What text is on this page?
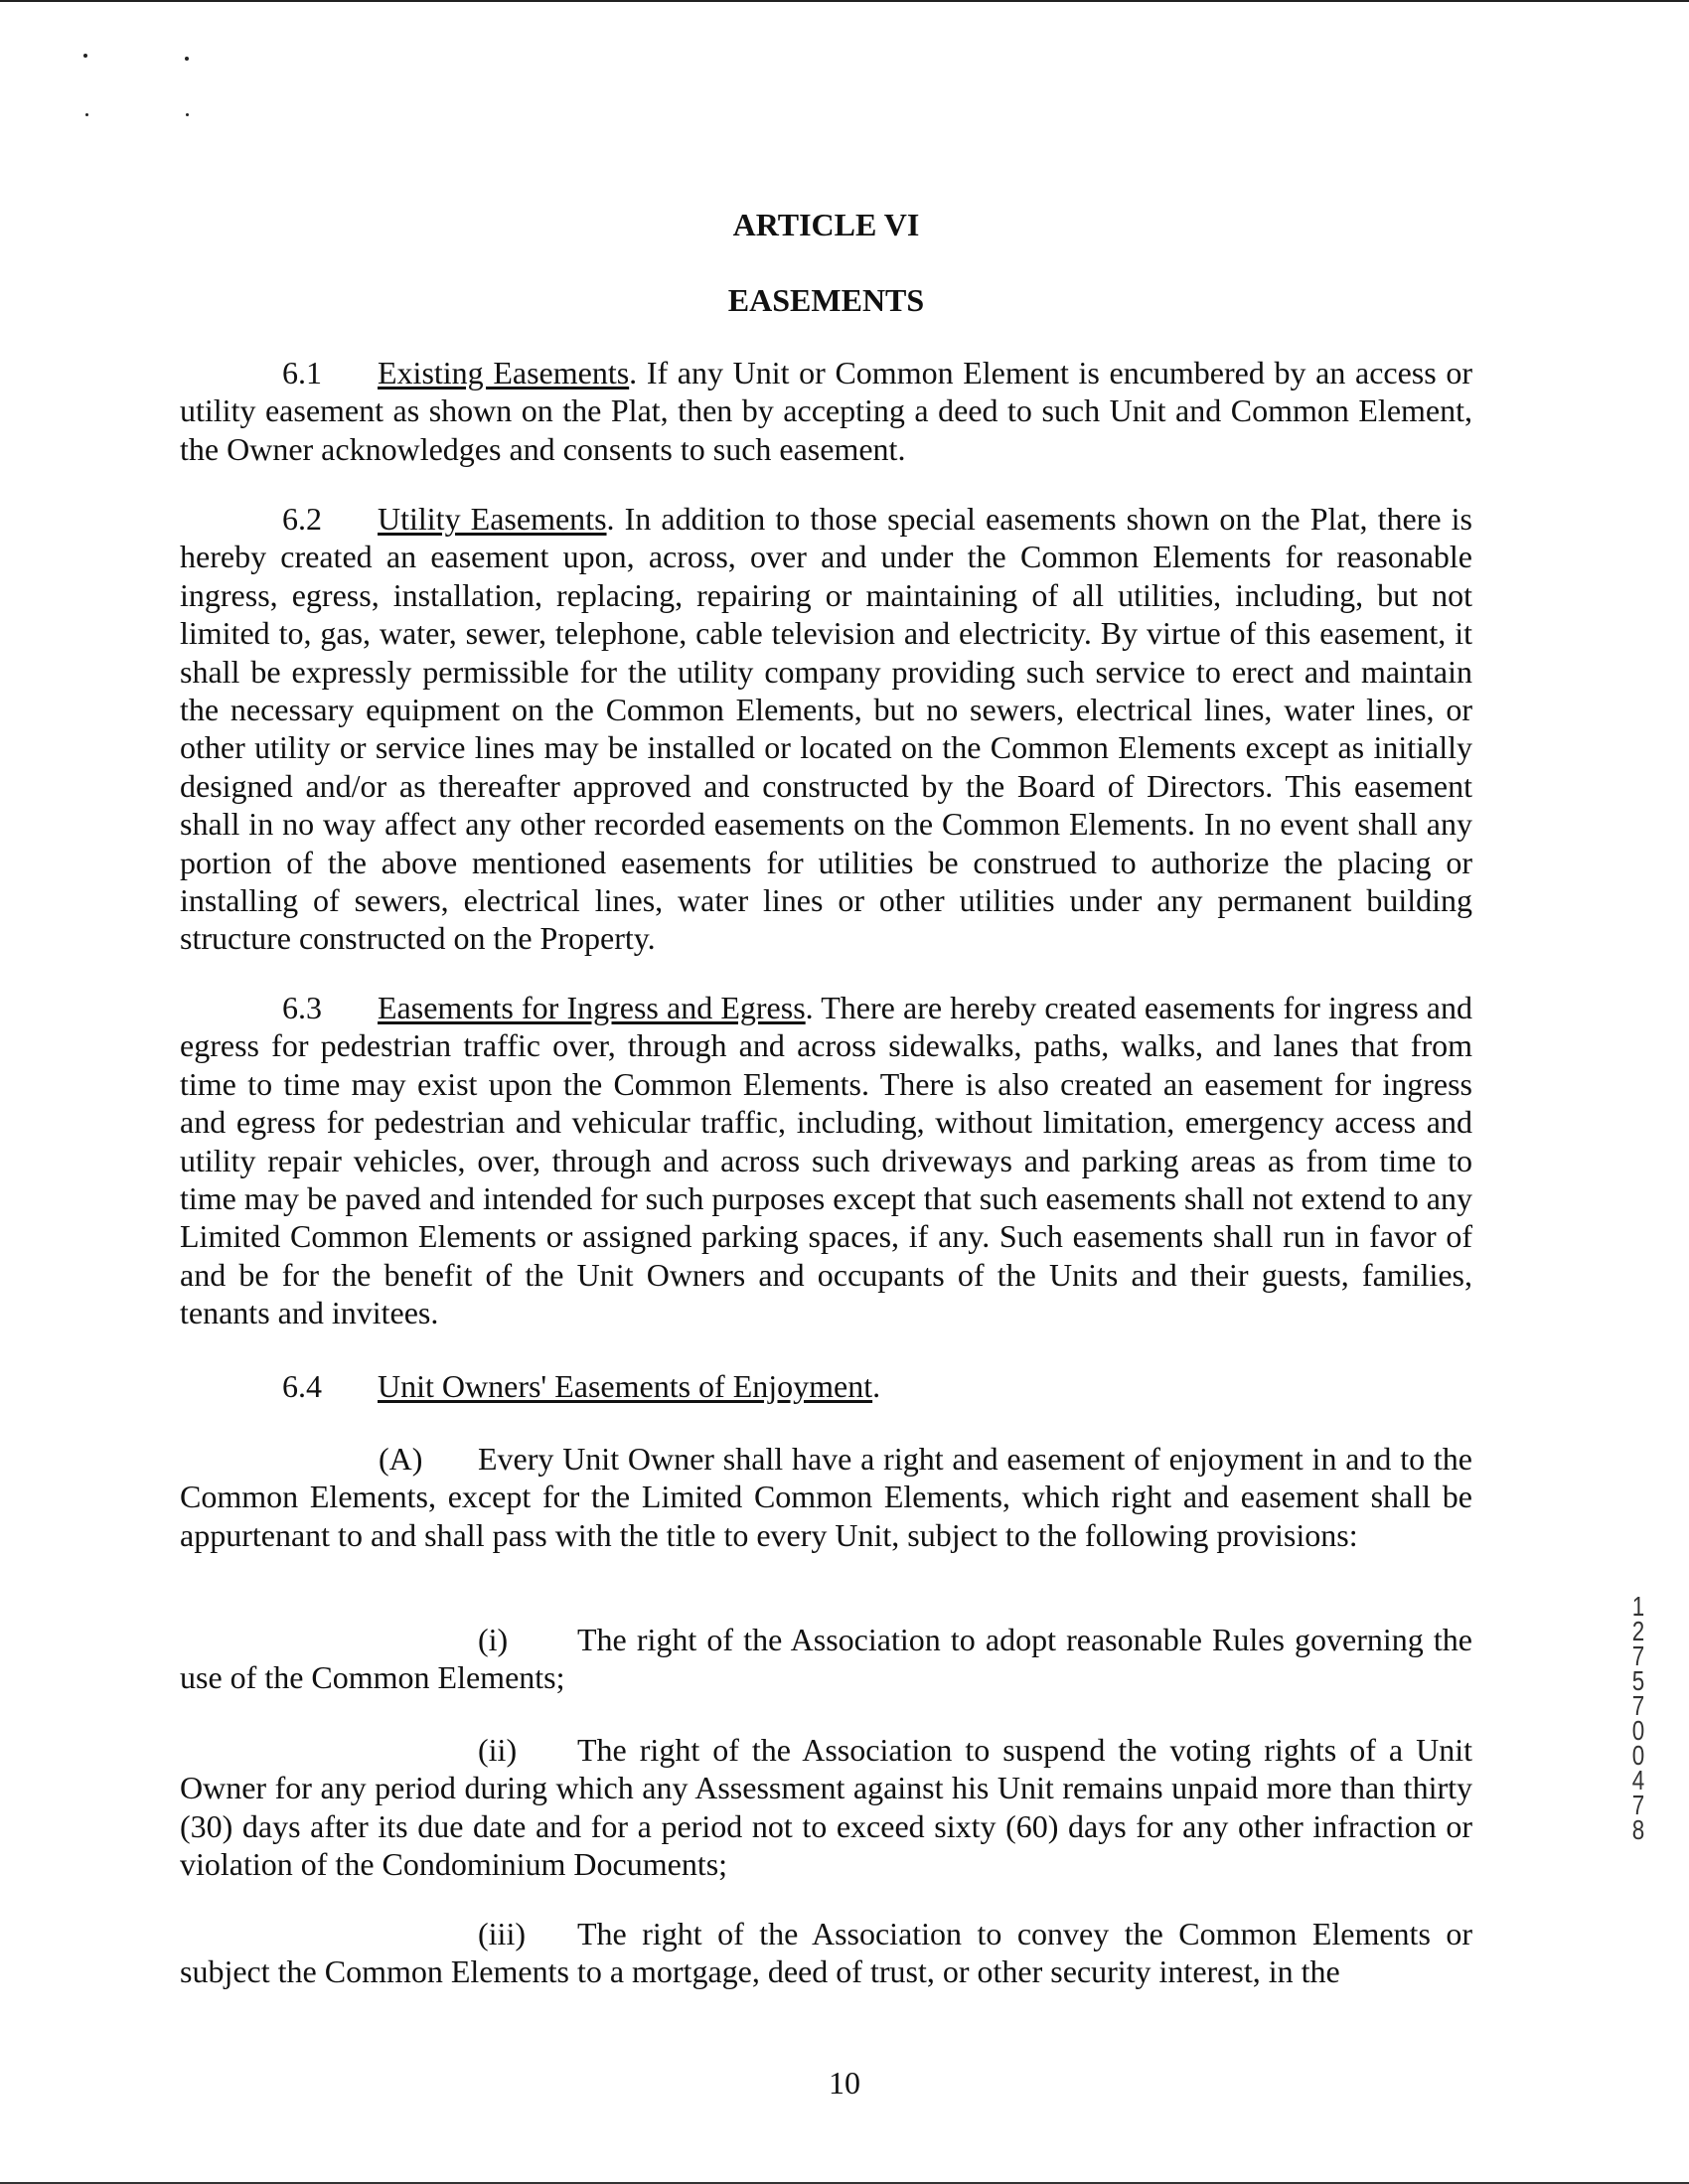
ARTICLE VI
EASEMENTS

6.1 Existing Easements. If any Unit or Common Element is encumbered by an access or utility easement as shown on the Plat, then by accepting a deed to such Unit and Common Element, the Owner acknowledges and consents to such easement.

6.2 Utility Easements. In addition to those special easements shown on the Plat, there is hereby created an easement upon, across, over and under the Common Elements for reasonable ingress, egress, installation, replacing, repairing or maintaining of all utilities, including, but not limited to, gas, water, sewer, telephone, cable television and electricity. By virtue of this easement, it shall be expressly permissible for the utility company providing such service to erect and maintain the necessary equipment on the Common Elements, but no sewers, electrical lines, water lines, or other utility or service lines may be installed or located on the Common Elements except as initially designed and/or as thereafter approved and constructed by the Board of Directors. This easement shall in no way affect any other recorded easements on the Common Elements. In no event shall any portion of the above mentioned easements for utilities be construed to authorize the placing or installing of sewers, electrical lines, water lines or other utilities under any permanent building structure constructed on the Property.

6.3 Easements for Ingress and Egress. There are hereby created easements for ingress and egress for pedestrian traffic over, through and across sidewalks, paths, walks, and lanes that from time to time may exist upon the Common Elements. There is also created an easement for ingress and egress for pedestrian and vehicular traffic, including, without limitation, emergency access and utility repair vehicles, over, through and across such driveways and parking areas as from time to time may be paved and intended for such purposes except that such easements shall not extend to any Limited Common Elements or assigned parking spaces, if any. Such easements shall run in favor of and be for the benefit of the Unit Owners and occupants of the Units and their guests, families, tenants and invitees.

6.4 Unit Owners' Easements of Enjoyment.

(A) Every Unit Owner shall have a right and easement of enjoyment in and to the Common Elements, except for the Limited Common Elements, which right and easement shall be appurtenant to and shall pass with the title to every Unit, subject to the following provisions:

(i) The right of the Association to adopt reasonable Rules governing the use of the Common Elements;

(ii) The right of the Association to suspend the voting rights of a Unit Owner for any period during which any Assessment against his Unit remains unpaid more than thirty (30) days after its due date and for a period not to exceed sixty (60) days for any other infraction or violation of the Condominium Documents;

(iii) The right of the Association to convey the Common Elements or subject the Common Elements to a mortgage, deed of trust, or other security interest, in the

10
12757 00478
